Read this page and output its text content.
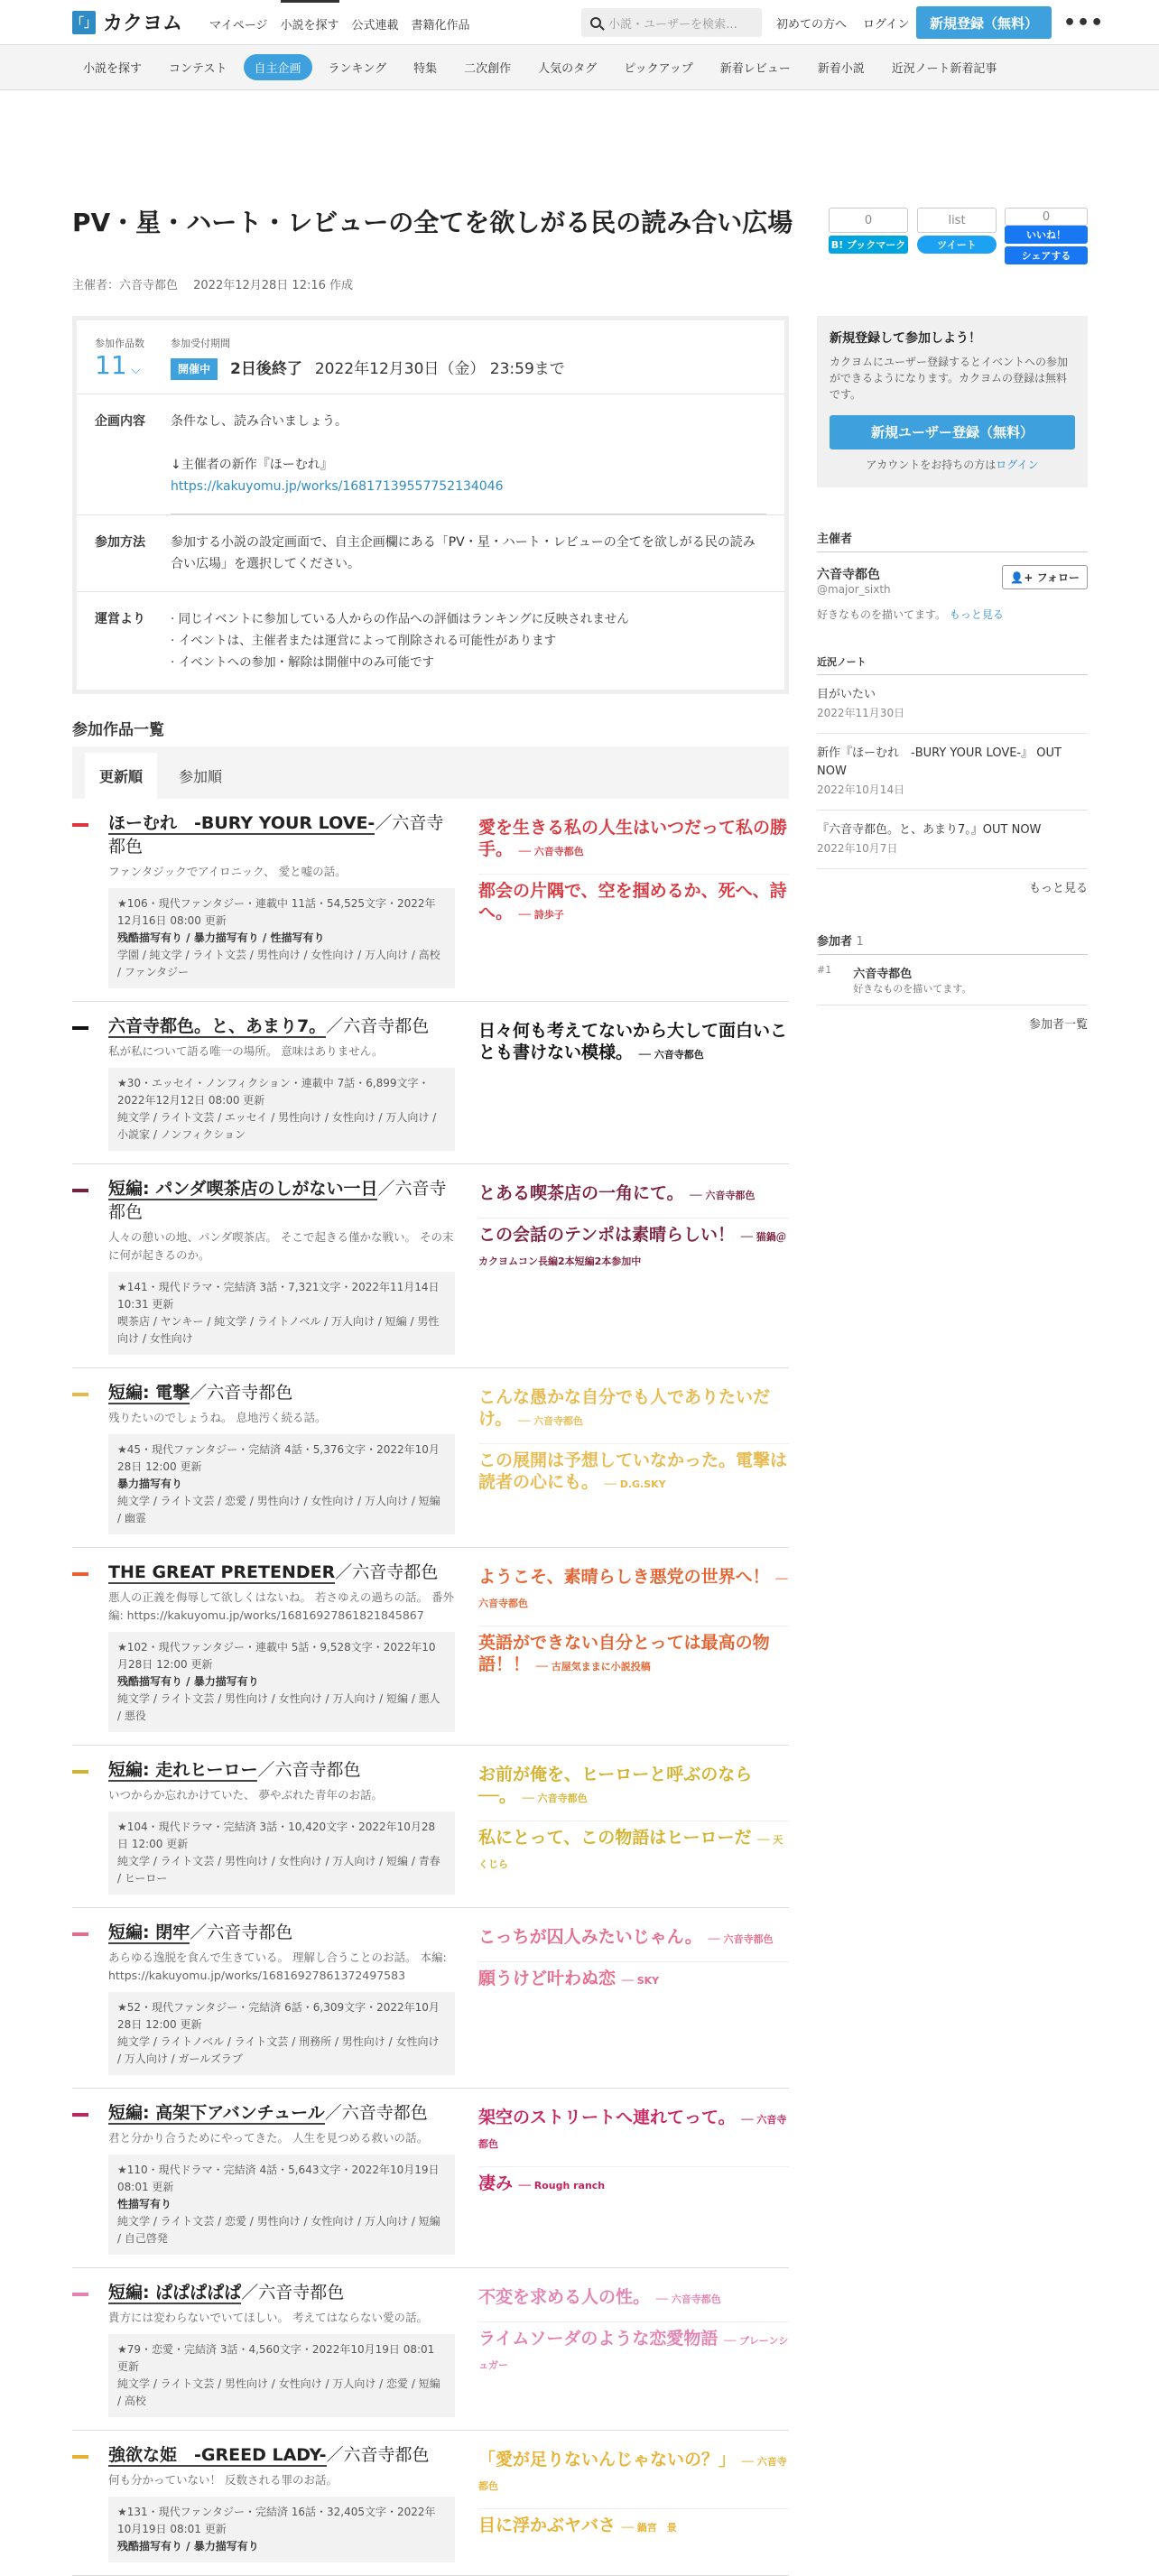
「」 カクヨム マイページ 小説を探す 公式連載 書籍化作品	小説・ユーザーを検索…	初めての方へ ログイン	新規登録（無料）	•••
小説を探す	コンテスト	自主企画	ランキング	特集	二次創作	人気のタグ	ピックアップ	新着レビュー	新着小説	近況ノート新着記事
PV・星・ハート・レビューの全てを欲しがる民の読み合い広場
主催者：六音寺都色　 2022年12月28日 12:16 作成
0
B! ブックマーク
list
ツイート
0
いいね！
シェアする
参加作品数
11 ⌵
参加受付期間
開催中	2日後終了 2022年12月30日（金） 23:59まで
企画内容	条件なし、読み合いましょう。
↓主催者の新作『ほーむれ』
https://kakuyomu.jp/works/16817139557752134046
参加方法	参加する小説の設定画面で、自主企画欄にある「PV・星・ハート・レビューの全てを欲しがる民の読み合い広場」を選択してください。
運営より	· 同じイベントに参加している人からの作品への評価はランキングに反映されません
· イベントは、主催者または運営によって削除される可能性があります
· イベントへの参加・解除は開催中のみ可能です
参加作品一覧
更新順	参加順
ほーむれ　-BURY YOUR LOVE-／六音寺都色
ファンタジックでアイロニック、 愛と嘘の話。
★106・現代ファンタジー・連載中 11話・54,525文字・2022年12月16日 08:00 更新
残酷描写有り / 暴力描写有り / 性描写有り
学園 / 純文学 / ライト文芸 / 男性向け / 女性向け / 万人向け / 高校 / ファンタジー
愛を生きる私の人生はいつだって私の勝手。 ── 六音寺都色
都会の片隅で、空を掴めるか、死へ、詩へ。 ── 詩歩子
六音寺都色。と、あまり7。／六音寺都色
私が私について語る唯一の場所。 意味はありません。
★30・エッセイ・ノンフィクション・連載中 7話・6,899文字・2022年12月12日 08:00 更新
純文学 / ライト文芸 / エッセイ / 男性向け / 女性向け / 万人向け / 小説家 / ノンフィクション
日々何も考えてないから大して面白いことも書けない模様。 ── 六音寺都色
短編: パンダ喫茶店のしがない一日／六音寺都色
人々の憩いの地、パンダ喫茶店。 そこで起きる僅かな戦い。 その末に何が起きるのか。
★141・現代ドラマ・完結済 3話・7,321文字・2022年11月14日 10:31 更新
喫茶店 / ヤンキー / 純文学 / ライトノベル / 万人向け / 短編 / 男性向け / 女性向け
とある喫茶店の一角にて。 ── 六音寺都色
この会話のテンポは素晴らしい！ ── 猫鍋＠カクヨムコン長編2本短編2本参加中
短編: 電撃／六音寺都色
残りたいのでしょうね。 息地汚く続る話。
★45・現代ファンタジー・完結済 4話・5,376文字・2022年10月28日 12:00 更新
暴力描写有り
純文学 / ライト文芸 / 恋愛 / 男性向け / 女性向け / 万人向け / 短編 / 幽霊
こんな愚かな自分でも人でありたいだけ。 ── 六音寺都色
この展開は予想していなかった。電撃は読者の心にも。 ── D.G.SKY
THE GREAT PRETENDER／六音寺都色
悪人の正義を侮辱して欲しくはないね。 若さゆえの過ちの話。 番外編: https://kakuyomu.jp/works/16816927861821845867
★102・現代ファンタジー・連載中 5話・9,528文字・2022年10月28日 12:00 更新
残酷描写有り / 暴力描写有り
純文学 / ライト文芸 / 男性向け / 女性向け / 万人向け / 短編 / 悪人 / 悪役
ようこそ、素晴らしき悪党の世界へ！ ── 六音寺都色
英語ができない自分とっては最高の物語！！ ── 古屋気ままに小説投稿
短編: 走れヒーロー／六音寺都色
いつからか忘れかけていた、 夢やぶれた青年のお話。
★104・現代ドラマ・完結済 3話・10,420文字・2022年10月28日 12:00 更新
純文学 / ライト文芸 / 男性向け / 女性向け / 万人向け / 短編 / 青春 / ヒーロー
お前が俺を、ヒーローと呼ぶのなら──。 ── 六音寺都色
私にとって、この物語はヒーローだ ── 天くじら
短編: 閉牢／六音寺都色
あらゆる逸脱を食んで生きている。 理解し合うことのお話。 本編: https://kakuyomu.jp/works/16816927861372497583
★52・現代ファンタジー・完結済 6話・6,309文字・2022年10月28日 12:00 更新
純文学 / ライトノベル / ライト文芸 / 刑務所 / 男性向け / 女性向け / 万人向け / ガールズラブ
こっちが囚人みたいじゃん。 ── 六音寺都色
願うけど叶わぬ恋 ── SKY
短編: 高架下アバンチュール／六音寺都色
君と分かり合うためにやってきた。 人生を見つめる救いの話。
★110・現代ドラマ・完結済 4話・5,643文字・2022年10月19日 08:01 更新
性描写有り
純文学 / ライト文芸 / 恋愛 / 男性向け / 女性向け / 万人向け / 短編 / 自己啓発
架空のストリートへ連れてって。 ── 六音寺都色
凄み ── Rough ranch
短編: ぱぱぱぱぱ／六音寺都色
貴方には変わらないでいてほしい。 考えてはならない愛の話。
★79・恋愛・完結済 3話・4,560文字・2022年10月19日 08:01 更新
純文学 / ライト文芸 / 男性向け / 女性向け / 万人向け / 恋愛 / 短編 / 高校
不変を求める人の性。 ── 六音寺都色
ライムソーダのような恋愛物語 ── ブレーンシュガー
強欲な姫　-GREED LADY-／六音寺都色
何も分かっていない！ 反数される罪のお話。
★131・現代ファンタジー・完結済 16話・32,405文字・2022年10月19日 08:01 更新
残酷描写有り / 暴力描写有り
「愛が足りないんじゃないの？」 ── 六音寺都色
目に浮かぶヤバさ ── 鍋宮　景
新規登録して参加しよう！
カクヨムにユーザー登録するとイベントへの参加ができるようになります。カクヨムの登録は無料です。
新規ユーザー登録（無料）
アカウントをお持ちの方はログイン
主催者
六音寺都色
@major_sixth
👤+ フォロー
好きなものを描いてます。 もっと見る
近況ノート
目がいたい
2022年11月30日
新作『ほーむれ　-BURY YOUR LOVE-』 OUT NOW
2022年10月14日
『六音寺都色。と、あまり7。』OUT NOW
2022年10月7日
もっと見る
参加者 1
#1 六音寺都色
好きなものを描いてます。
参加者一覧
